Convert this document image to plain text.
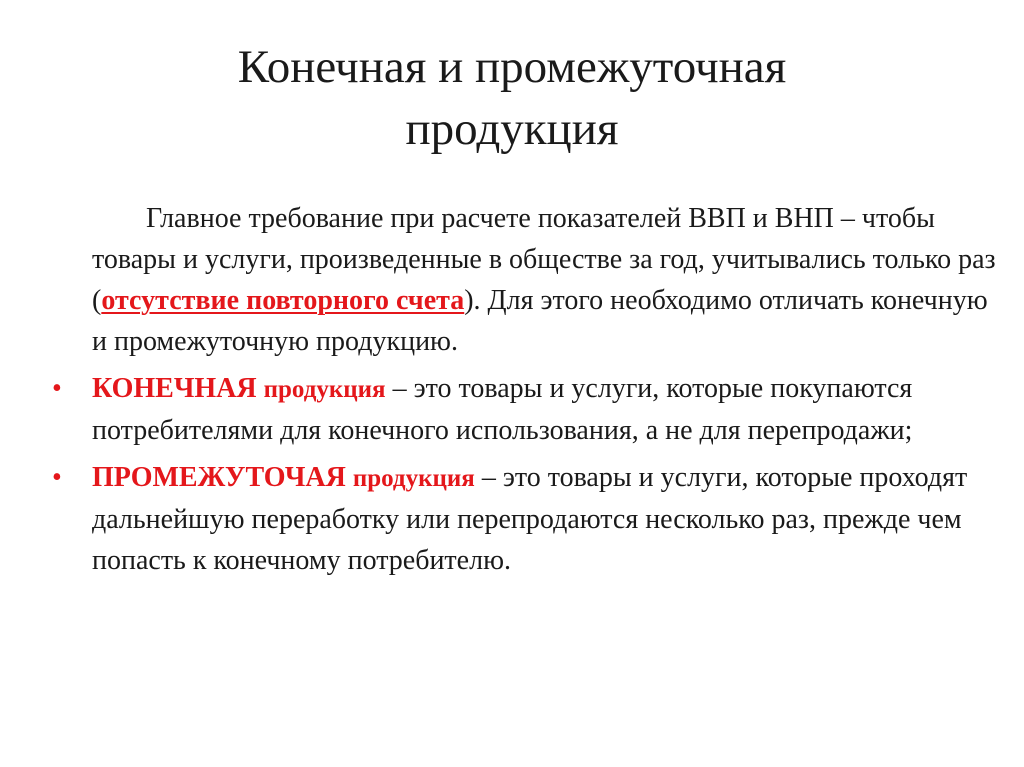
Конечная и промежуточная
продукция

Главное требование при расчете показателей ВВП и ВНП – чтобы товары и услуги, произведенные в обществе за год, учитывались только раз (отсутствие повторного счета). Для этого необходимо отличать конечную и промежуточную продукцию.

• КОНЕЧНАЯ продукция – это товары и услуги, которые покупаются потребителями для конечного использования, а не для перепродажи;
• ПРОМЕЖУТОЧАЯ продукция – это товары и услуги, которые проходят дальнейшую переработку или перепродаются несколько раз, прежде чем попасть к конечному потребителю.
